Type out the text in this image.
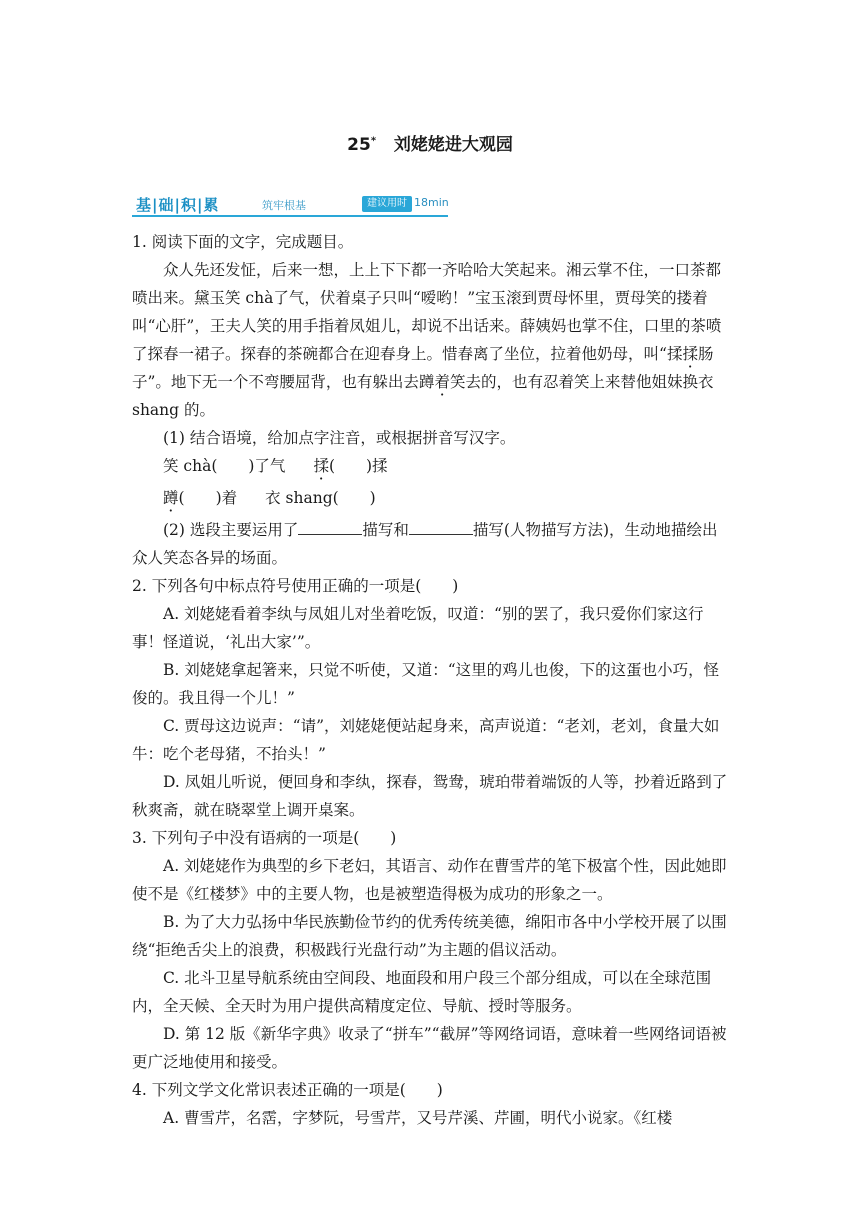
25* 刘姥姥进大观园
基|础|积|累	筑牢根基	建议用时 18min

1. 阅读下面的文字，完成题目。

众人先还发怔，后来一想，上上下下都一齐哈哈大笑起来。湘云掌不住，一口茶都喷出来。黛玉笑 chà了气，伏着桌子只叫“嗳哟！”宝玉滚到贾母怀里，贾母笑的搂着叫“心肝”，王夫人笑的用手指着凤姐儿，却说不出话来。薛姨妈也掌不住，口里的茶喷了探春一裙子。探春的茶碗都合在迎春身上。惜春离了坐位，拉着他奶母，叫“揉揉肠子”。地下无一个不弯腰屈背，也有躲出去蹲着笑去的，也有忍着笑上来替他姐妹换衣 shang 的。

(1) 结合语境，给加点字注音，或根据拼音写汉字。

笑 chà(　　)了气 揉(　　)揉
蹲(　　)着 衣 shang(　　)

(2) 选段主要运用了	描写和	描写(人物描写方法)，生动地描绘出众人笑态各异的场面。

2. 下列各句中标点符号使用正确的一项是(　　)

A. 刘姥姥看着李纨与凤姐儿对坐着吃饭，叹道：“别的罢了，我只爱你们家这行事！怪道说，‘礼出大家’”。

B. 刘姥姥拿起箸来，只觉不听使，又道：“这里的鸡儿也俊，下的这蛋也小巧，怪俊的。我且得一个儿！”

C. 贾母这边说声：“请”，刘姥姥便站起身来，高声说道：“老刘，老刘，食量大如牛：吃个老母猪，不抬头！”

D. 凤姐儿听说，便回身和李纨，探春，鸳鸯，琥珀带着端饭的人等，抄着近路到了秋爽斋，就在晓翠堂上调开桌案。

3. 下列句子中没有语病的一项是(　　)

A. 刘姥姥作为典型的乡下老妇，其语言、动作在曹雪芹的笔下极富个性，因此她即使不是《红楼梦》中的主要人物，也是被塑造得极为成功的形象之一。

B. 为了大力弘扬中华民族勤俭节约的优秀传统美德，绵阳市各中小学校开展了以围绕“拒绝舌尖上的浪费，积极践行光盘行动”为主题的倡议活动。

C. 北斗卫星导航系统由空间段、地面段和用户段三个部分组成，可以在全球范围内，全天候、全天时为用户提供高精度定位、导航、授时等服务。

D. 第 12 版《新华字典》收录了“拼车”“截屏”等网络词语，意味着一些网络词语被更广泛地使用和接受。

4. 下列文学文化常识表述正确的一项是(　　)

A. 曹雪芹，名霑，字梦阮，号雪芹，又号芹溪、芹圃，明代小说家。《红楼
